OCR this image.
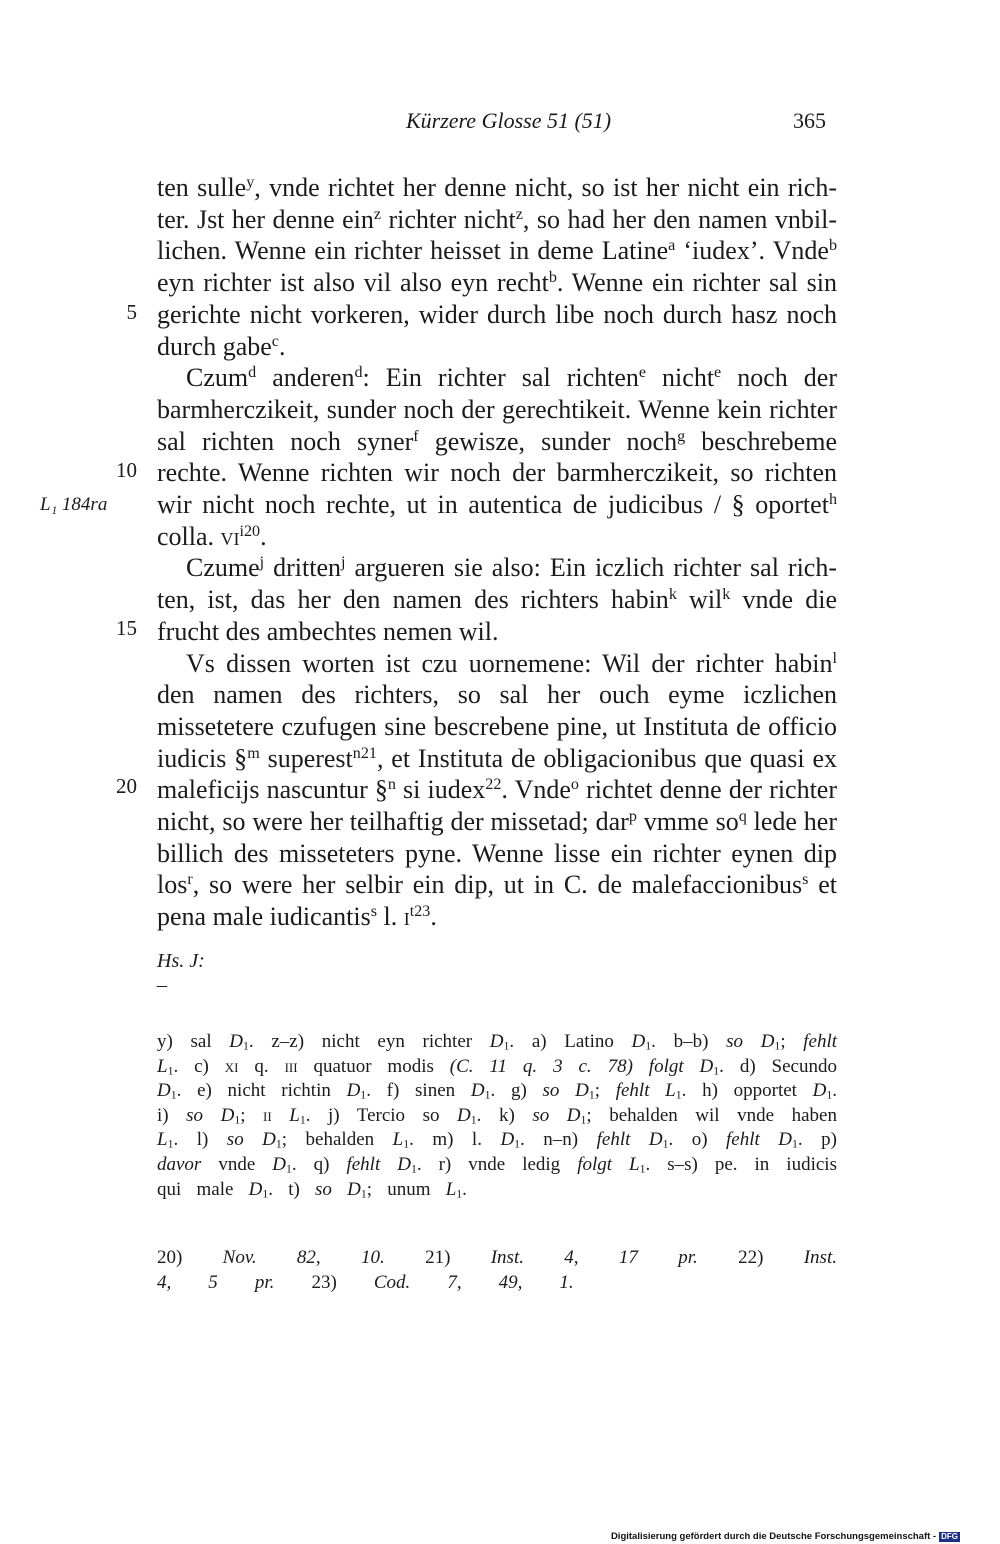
Kürzere Glosse 51 (51)	365
5
10
15
20
L₁ 184ra

ten sulle$^y$, vnde richtet her denne nicht, so ist her nicht ein richter. Jst her denne ein$^z$ richter nicht$^z$, so had her den namen vnbillichen. Wenne ein richter heisset in deme Latine$^a$ ‘iudex’. Vnde$^b$ eyn richter ist also vil also eyn recht$^b$. Wenne ein richter sal sin gerichte nicht vorkeren, wider durch libe noch durch hasz noch durch gabe$^c$.

Czum$^d$ anderen$^d$: Ein richter sal richten$^e$ nicht$^e$ noch der barmherczikeit, sunder noch der gerechtikeit. Wenne kein richter sal richten noch syner$^f$ gewisze, sunder noch$^g$ beschrebeme rechte. Wenne richten wir noch der barmherczikeit, so richten wir nicht noch rechte, ut in autentica de judicibus / § oportet$^h$ colla. $vi^{i20}$.

Czume$^j$ dritten$^j$ argueren sie also: Ein iczlich richter sal richten, ist, das her den namen des richters habin$^k$ wil$^k$ vnde die frucht des ambechtes nemen wil.

Vs dissen worten ist czu uornemene: Wil der richter habin$^l$ den namen des richters, so sal her ouch eyme iczlichen missetetere czufugen sine bescrebene pine, ut Instituta de officio iudicis §$^m$ superest$^{n21}$, et Instituta de obligacionibus que quasi ex maleficijs nascuntur §$^n$ si iudex$^{22}$. Vnde$^o$ richtet denne der richter nicht, so were her teilhaftig der missetad; dar$^p$ vmme $so^q$ lede her billich des misseteters pyne. Wenne lisse ein richter eynen dip los$^r$, so were her selbir ein dip, ut in C. de malefaccionibus$^s$ et pena male iudicantis$^s$ l. $i^{t23}$.

Hs. J:
–

y) sal $D_1$. z–z) nicht eyn richter $D_1$. a) Latino $D_1$. b–b) so $D_1$; fehlt $L_1$. c) xi q. iii quatuor modis (C. 11 q. 3 c. 78) folgt $D_1$. d) Secundo $D_1$. e) nicht richtin $D_1$. f) sinen $D_1$. g) so $D_1$; fehlt $L_1$. h) opportet $D_1$. i) so $D_1$; ii $L_1$. j) Tercio so $D_1$. k) so $D_1$; behalden wil vnde haben $L_1$. l) so $D_1$; behalden $L_1$. m) l. $D_1$. n–n) fehlt $D_1$. o) fehlt $D_1$. p) davor vnde $D_1$. q) fehlt $D_1$. r) vnde ledig folgt $L_1$. s–s) pe. in iudicis qui male $D_1$. t) so $D_1$; unum $L_1$.

20) Nov. 82, 10. 21) Inst. 4, 17 pr. 22) Inst. 4, 5 pr. 23) Cod. 7, 49, 1.

Digitalisierung gefördert durch die Deutsche Forschungsgemeinschaft - DFG
